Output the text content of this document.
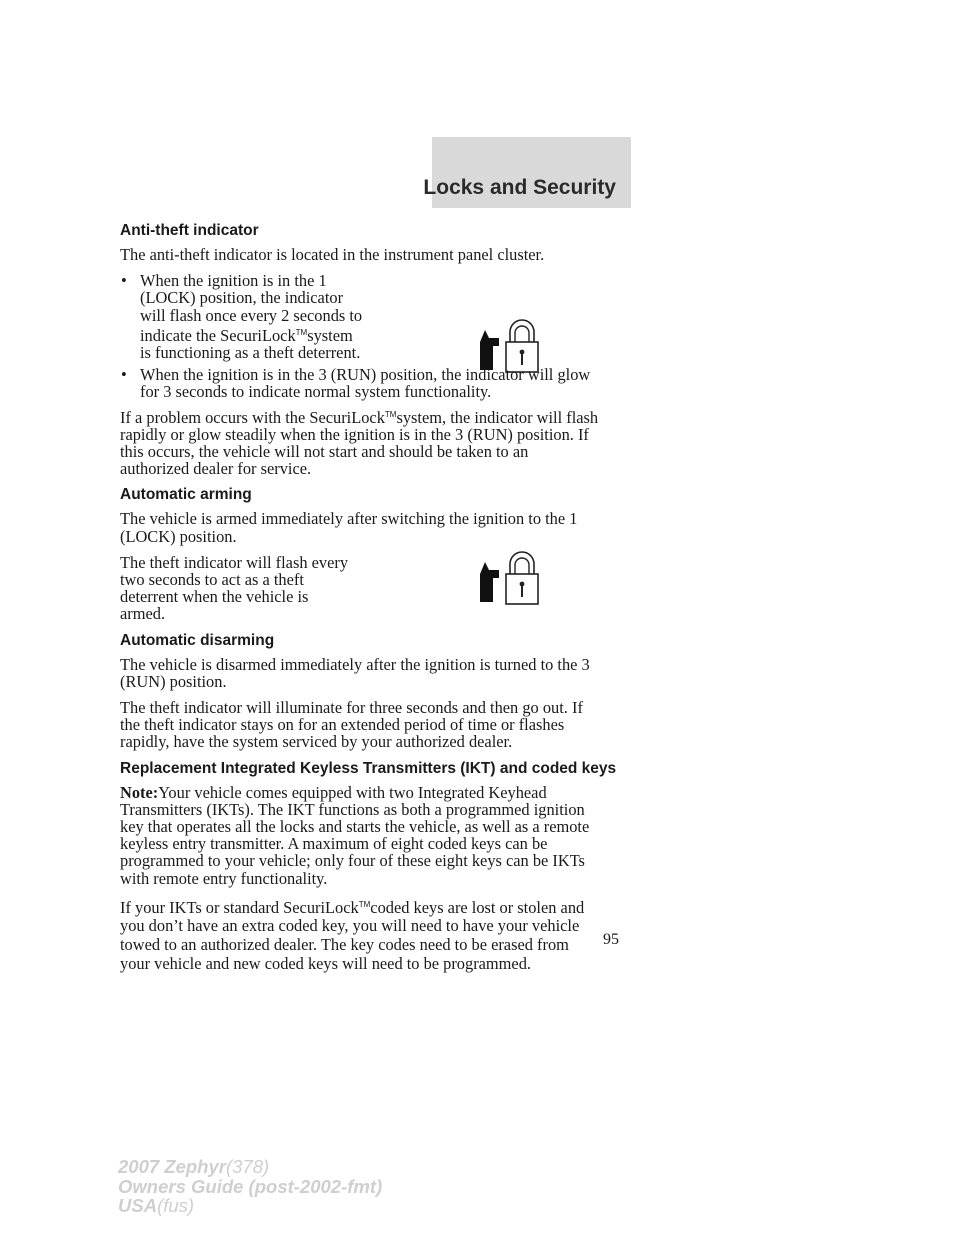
Locks and Security
Anti-theft indicator

The anti-theft indicator is located in the instrument panel cluster.

• When the ignition is in the 1
(LOCK) position, the indicator
will flash once every 2 seconds to
indicate the SecuriLock™system
is functioning as a theft deterrent.
• When the ignition is in the 3 (RUN) position, the indicator will glow
for 3 seconds to indicate normal system functionality.

If a problem occurs with the SecuriLock™system, the indicator will flash
rapidly or glow steadily when the ignition is in the 3 (RUN) position. If
this occurs, the vehicle will not start and should be taken to an
authorized dealer for service.

Automatic arming

The vehicle is armed immediately after switching the ignition to the 1
(LOCK) position.

The theft indicator will flash every
two seconds to act as a theft
deterrent when the vehicle is
armed.

Automatic disarming

The vehicle is disarmed immediately after the ignition is turned to the 3
(RUN) position.

The theft indicator will illuminate for three seconds and then go out. If
the theft indicator stays on for an extended period of time or flashes
rapidly, have the system serviced by your authorized dealer.

Replacement Integrated Keyless Transmitters (IKT) and coded keys

Note:Your vehicle comes equipped with two Integrated Keyhead
Transmitters (IKTs). The IKT functions as both a programmed ignition
key that operates all the locks and starts the vehicle, as well as a remote
keyless entry transmitter. A maximum of eight coded keys can be
programmed to your vehicle; only four of these eight keys can be IKTs
with remote entry functionality.

If your IKTs or standard SecuriLock™coded keys are lost or stolen and
you don’t have an extra coded key, you will need to have your vehicle
towed to an authorized dealer. The key codes need to be erased from
your vehicle and new coded keys will need to be programmed.

95
2007 Zephyr(378)
Owners Guide (post-2002-fmt)
USA(fus)
